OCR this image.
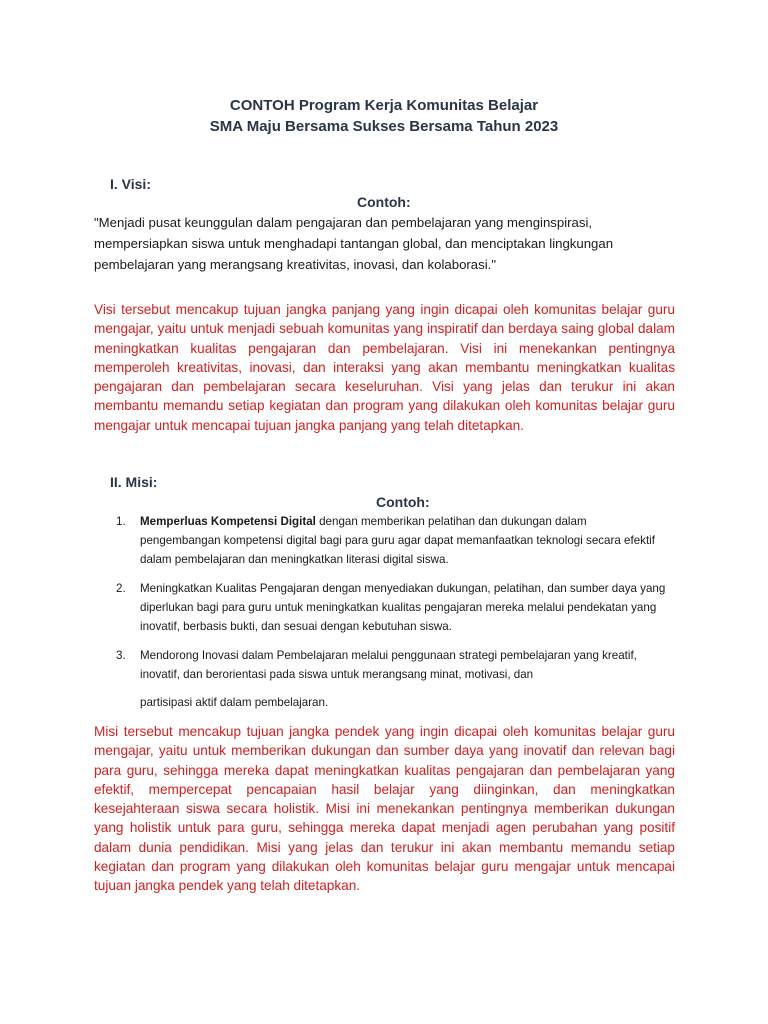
CONTOH Program Kerja Komunitas Belajar
SMA Maju Bersama Sukses Bersama Tahun 2023
I. Visi:
Contoh:
"Menjadi pusat keunggulan dalam pengajaran dan pembelajaran yang menginspirasi, mempersiapkan siswa untuk menghadapi tantangan global, dan menciptakan lingkungan pembelajaran yang merangsang kreativitas, inovasi, dan kolaborasi."
Visi tersebut mencakup tujuan jangka panjang yang ingin dicapai oleh komunitas belajar guru mengajar, yaitu untuk menjadi sebuah komunitas yang inspiratif dan berdaya saing global dalam meningkatkan kualitas pengajaran dan pembelajaran. Visi ini menekankan pentingnya memperoleh kreativitas, inovasi, dan interaksi yang akan membantu meningkatkan kualitas pengajaran dan pembelajaran secara keseluruhan. Visi yang jelas dan terukur ini akan membantu memandu setiap kegiatan dan program yang dilakukan oleh komunitas belajar guru mengajar untuk mencapai tujuan jangka panjang yang telah ditetapkan.
II. Misi:
Contoh:
1. Memperluas Kompetensi Digital dengan memberikan pelatihan dan dukungan dalam pengembangan kompetensi digital bagi para guru agar dapat memanfaatkan teknologi secara efektif dalam pembelajaran dan meningkatkan literasi digital siswa.
2. Meningkatkan Kualitas Pengajaran dengan menyediakan dukungan, pelatihan, dan sumber daya yang diperlukan bagi para guru untuk meningkatkan kualitas pengajaran mereka melalui pendekatan yang inovatif, berbasis bukti, dan sesuai dengan kebutuhan siswa.
3. Mendorong Inovasi dalam Pembelajaran melalui penggunaan strategi pembelajaran yang kreatif, inovatif, dan berorientasi pada siswa untuk merangsang minat, motivasi, dan
partisipasi aktif dalam pembelajaran.
Misi tersebut mencakup tujuan jangka pendek yang ingin dicapai oleh komunitas belajar guru mengajar, yaitu untuk memberikan dukungan dan sumber daya yang inovatif dan relevan bagi para guru, sehingga mereka dapat meningkatkan kualitas pengajaran dan pembelajaran yang efektif, mempercepat pencapaian hasil belajar yang diinginkan, dan meningkatkan kesejahteraan siswa secara holistik. Misi ini menekankan pentingnya memberikan dukungan yang holistik untuk para guru, sehingga mereka dapat menjadi agen perubahan yang positif dalam dunia pendidikan. Misi yang jelas dan terukur ini akan membantu memandu setiap kegiatan dan program yang dilakukan oleh komunitas belajar guru mengajar untuk mencapai tujuan jangka pendek yang telah ditetapkan.
